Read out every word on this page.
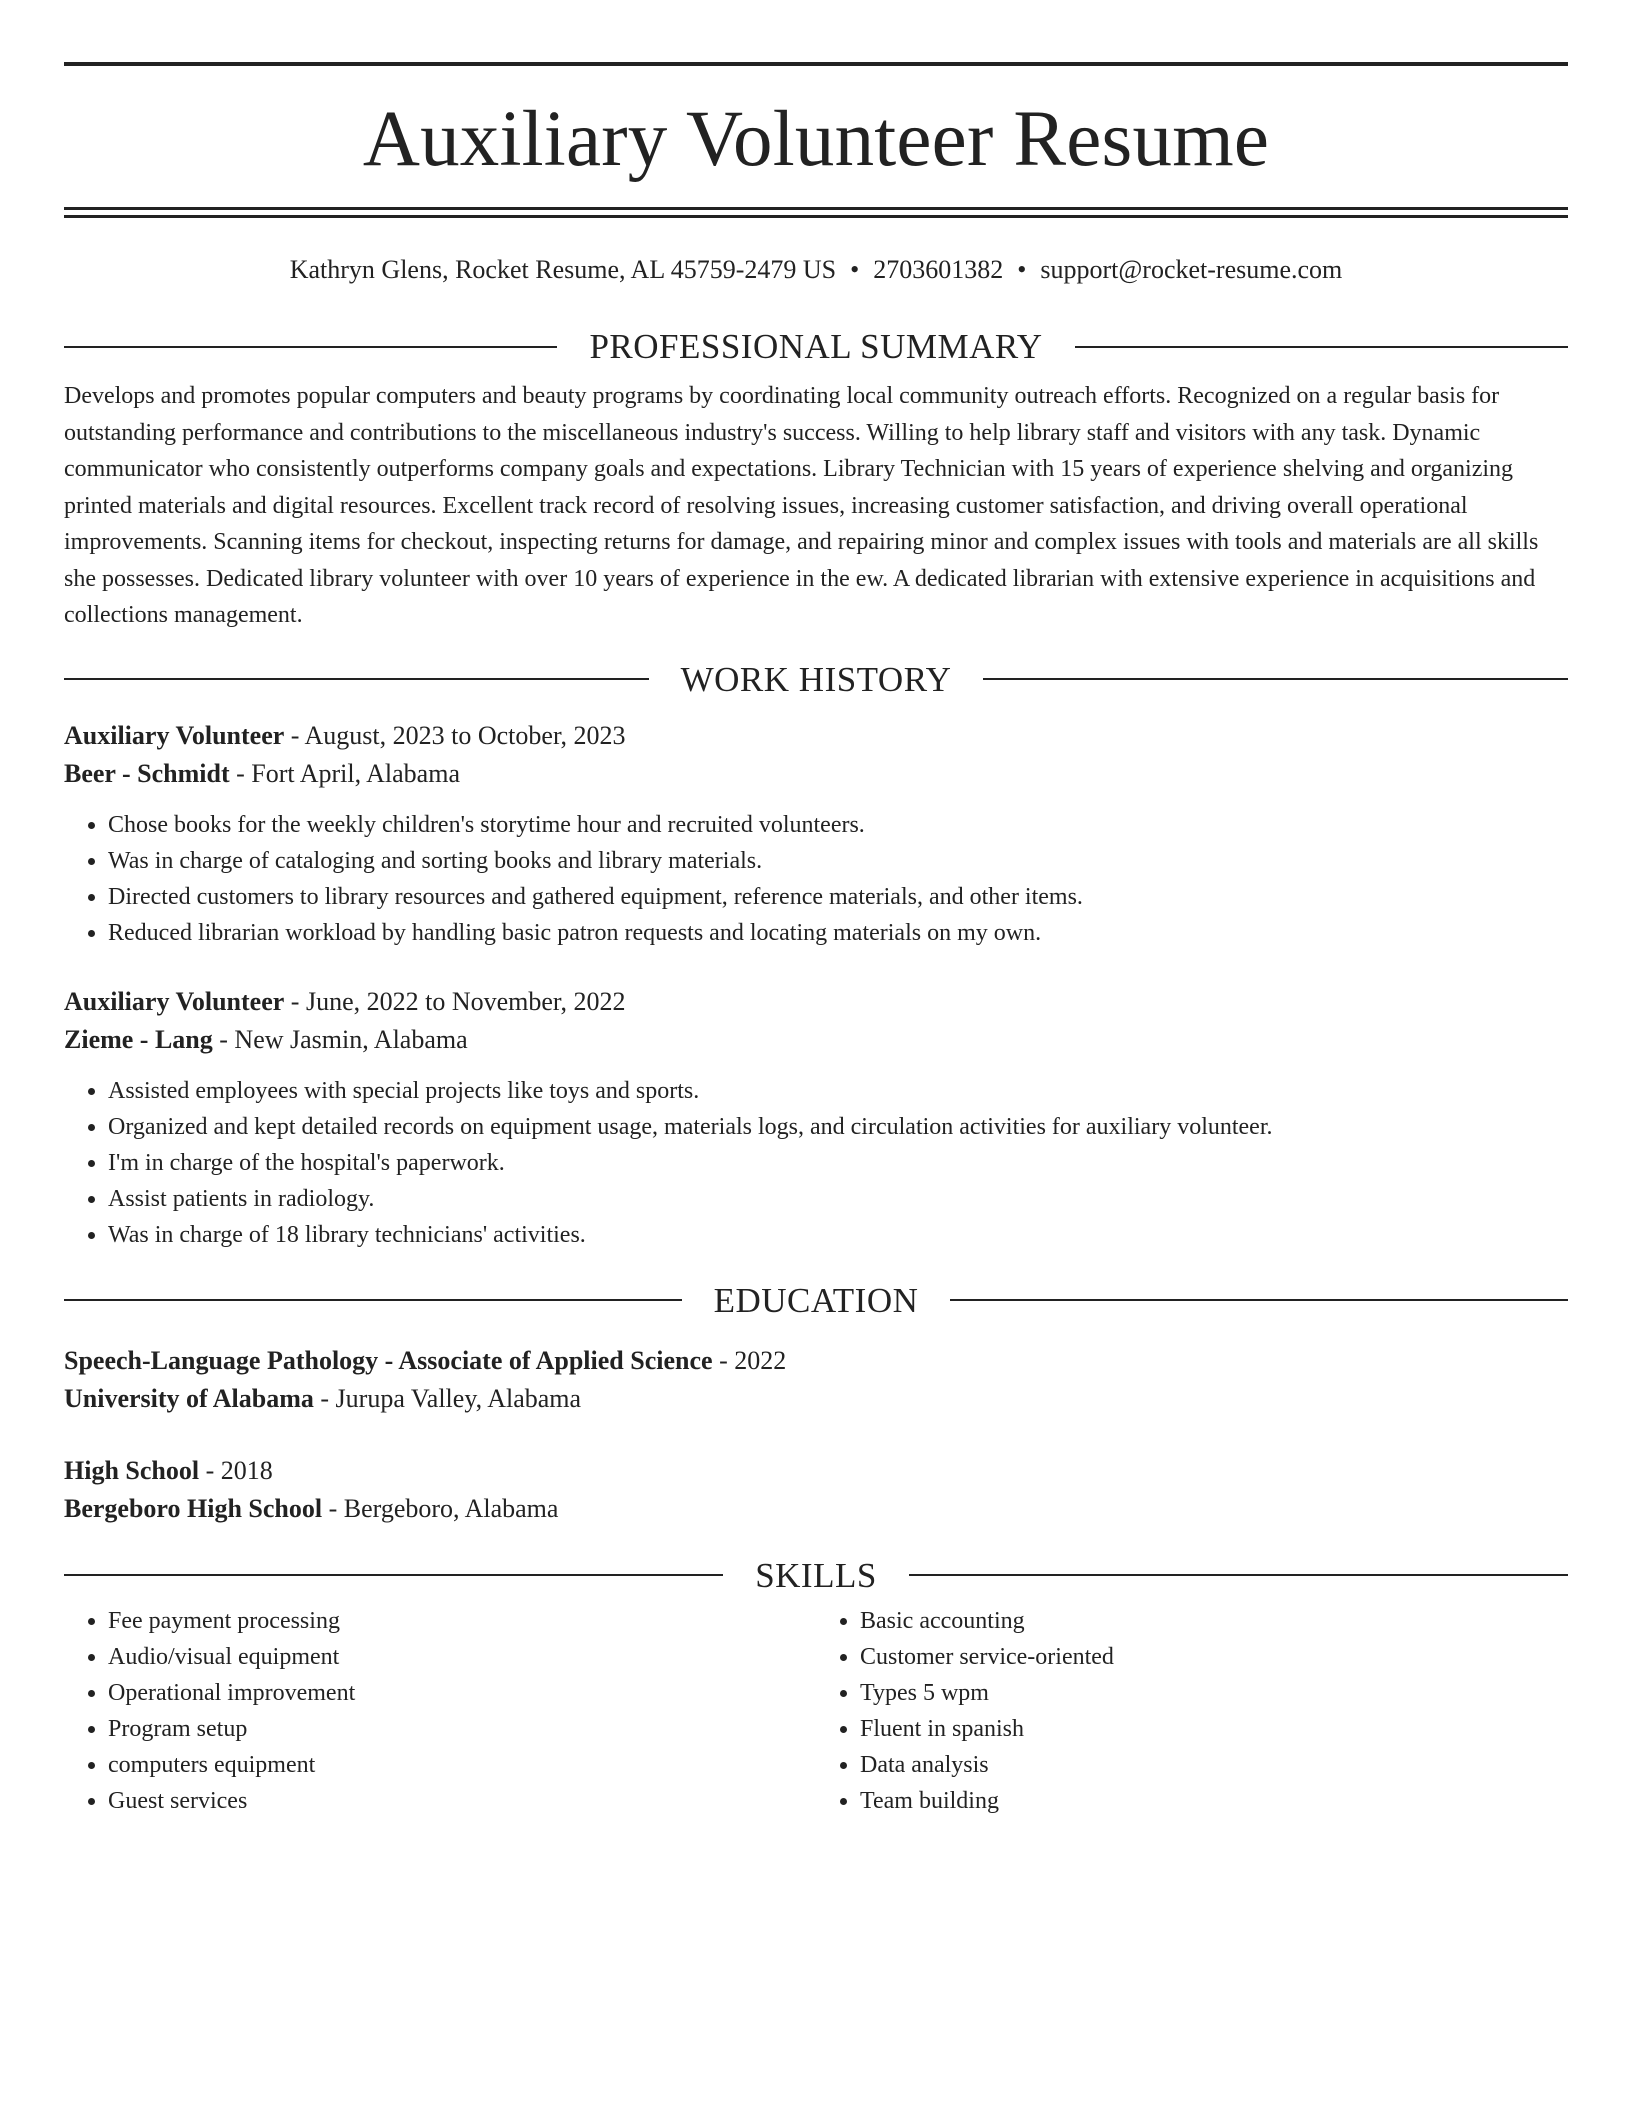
Auxiliary Volunteer Resume
Kathryn Glens, Rocket Resume, AL 45759-2479 US • 2703601382 • support@rocket-resume.com
PROFESSIONAL SUMMARY

Develops and promotes popular computers and beauty programs by coordinating local community outreach efforts. Recognized on a regular basis for outstanding performance and contributions to the miscellaneous industry's success. Willing to help library staff and visitors with any task. Dynamic communicator who consistently outperforms company goals and expectations. Library Technician with 15 years of experience shelving and organizing printed materials and digital resources. Excellent track record of resolving issues, increasing customer satisfaction, and driving overall operational improvements. Scanning items for checkout, inspecting returns for damage, and repairing minor and complex issues with tools and materials are all skills she possesses. Dedicated library volunteer with over 10 years of experience in the ew. A dedicated librarian with extensive experience in acquisitions and collections management.

WORK HISTORY
Auxiliary Volunteer - August, 2023 to October, 2023
Beer - Schmidt - Fort April, Alabama
• Chose books for the weekly children's storytime hour and recruited volunteers.
• Was in charge of cataloging and sorting books and library materials.
• Directed customers to library resources and gathered equipment, reference materials, and other items.
• Reduced librarian workload by handling basic patron requests and locating materials on my own.
Auxiliary Volunteer - June, 2022 to November, 2022
Zieme - Lang - New Jasmin, Alabama
• Assisted employees with special projects like toys and sports.
• Organized and kept detailed records on equipment usage, materials logs, and circulation activities for auxiliary volunteer.
• I'm in charge of the hospital's paperwork.
• Assist patients in radiology.
• Was in charge of 18 library technicians' activities.
EDUCATION
Speech-Language Pathology - Associate of Applied Science - 2022
University of Alabama - Jurupa Valley, Alabama
High School - 2018
Bergeboro High School - Bergeboro, Alabama
SKILLS
• Fee payment processing
• Audio/visual equipment
• Operational improvement
• Program setup
• computers equipment
• Guest services
• Basic accounting
• Customer service-oriented
• Types 5 wpm
• Fluent in spanish
• Data analysis
• Team building
